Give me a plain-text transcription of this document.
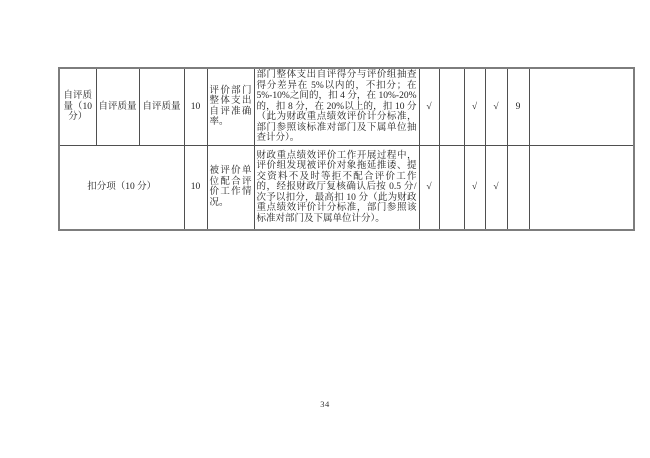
自评质量（10 分）	自评质量	自评质量	10	评价部门整体支出自评准确率。	部门整体支出自评得分与评价组抽查得分差异在 5%以内的，不扣分；在 5%-10%之间的，扣 4 分，在 10%-20%的，扣 8 分，在 20%以上的，扣 10 分（此为财政重点绩效评价计分标准，部门参照该标准对部门及下属单位抽查计分）。	√		√	√	9	
扣分项（10 分）			10	被评价单位配合评价工作情况。	财政重点绩效评价工作开展过程中，评价组发现被评价对象拖延推诿、提交资料不及时等拒不配合评价工作的，经报财政厅复核确认后按 0.5 分/次予以扣分，最高扣 10 分（此为财政重点绩效评价计分标准，部门参照该标准对部门及下属单位计分）。	√		√	√		
34
